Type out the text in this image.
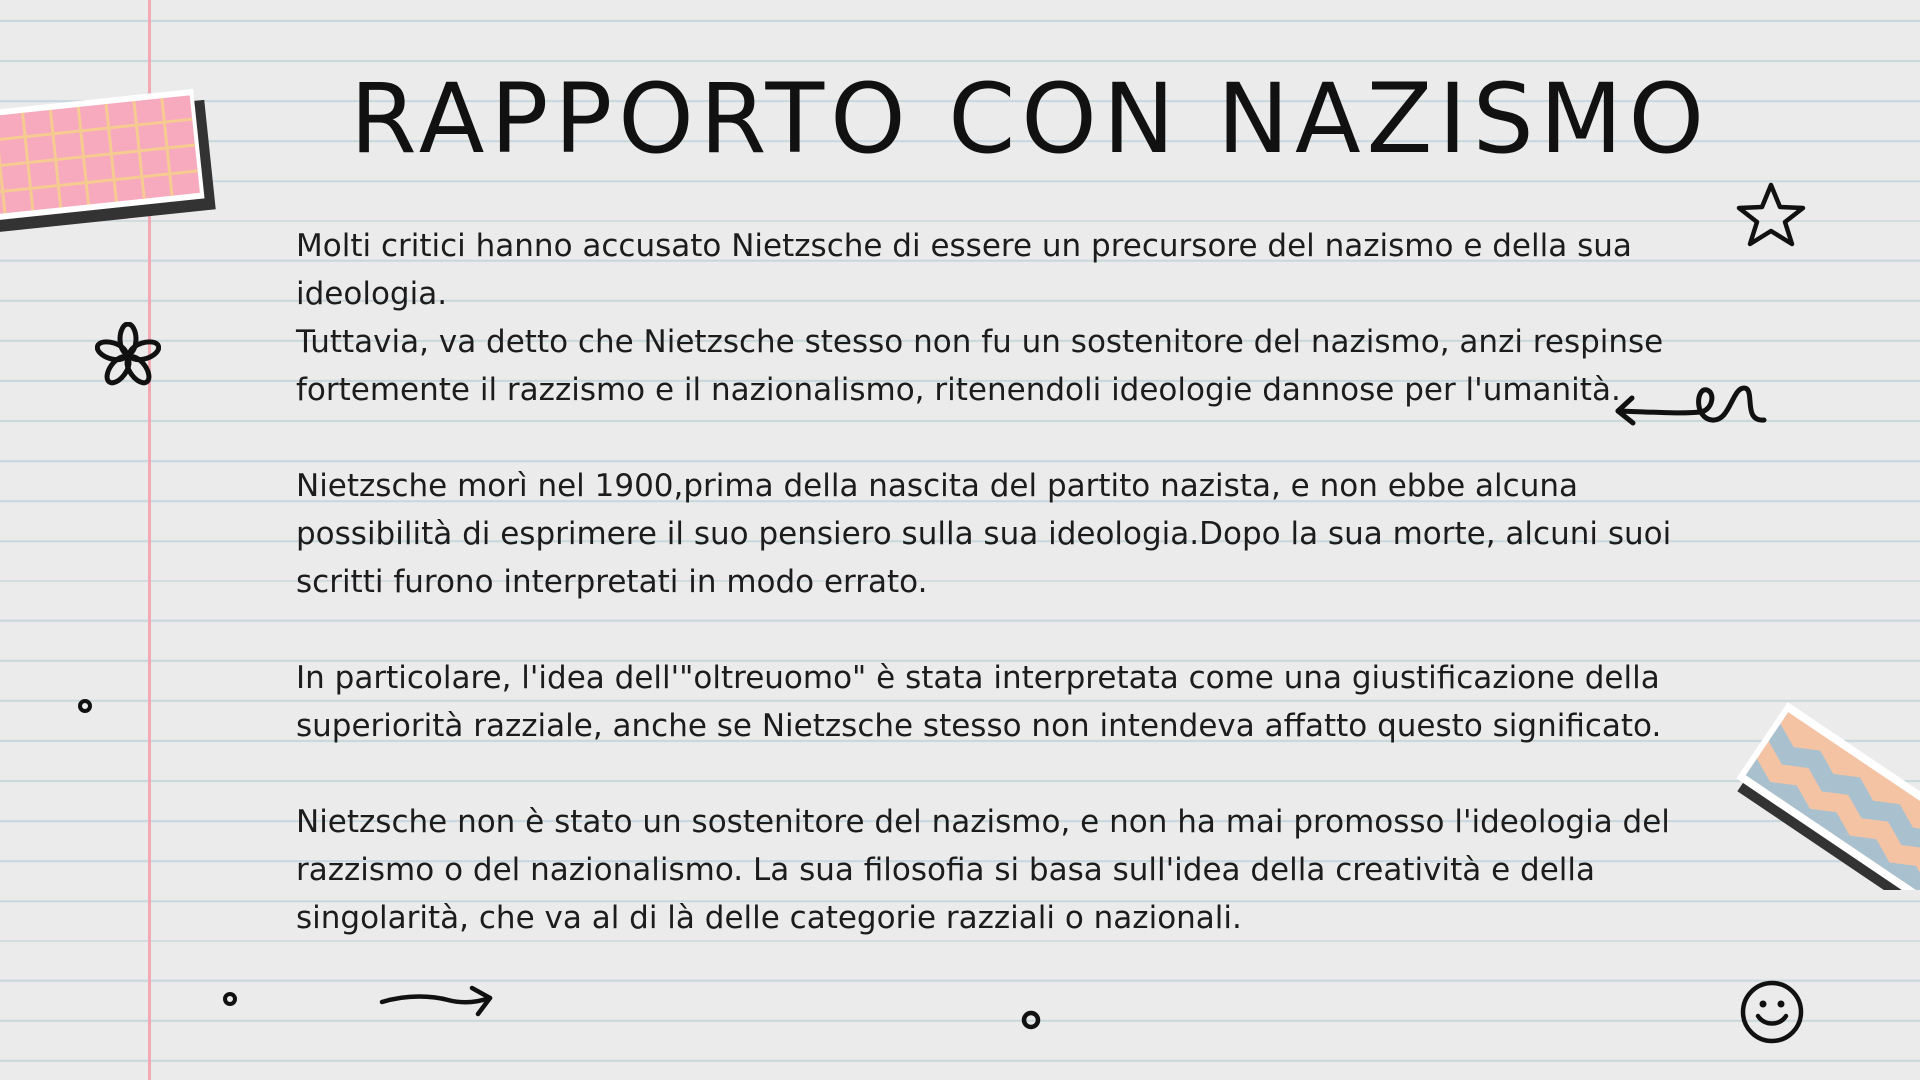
RAPPORTO CON NAZISMO

Molti critici hanno accusato Nietzsche di essere un precursore del nazismo e della sua ideologia.

Tuttavia, va detto che Nietzsche stesso non fu un sostenitore del nazismo, anzi respinse fortemente il razzismo e il nazionalismo, ritenendoli ideologie dannose per l'umanità.

Nietzsche morì nel 1900,prima della nascita del partito nazista, e non ebbe alcuna possibilità di esprimere il suo pensiero sulla sua ideologia.Dopo la sua morte, alcuni suoi scritti furono interpretati in modo errato.

In particolare, l'idea dell'"oltreuomo" è stata interpretata come una giustificazione della superiorità razziale, anche se Nietzsche stesso non intendeva affatto questo significato.

Nietzsche non è stato un sostenitore del nazismo, e non ha mai promosso l'ideologia del razzismo o del nazionalismo. La sua filosofia si basa sull'idea della creatività e della singolarità, che va al di là delle categorie razziali o nazionali.
